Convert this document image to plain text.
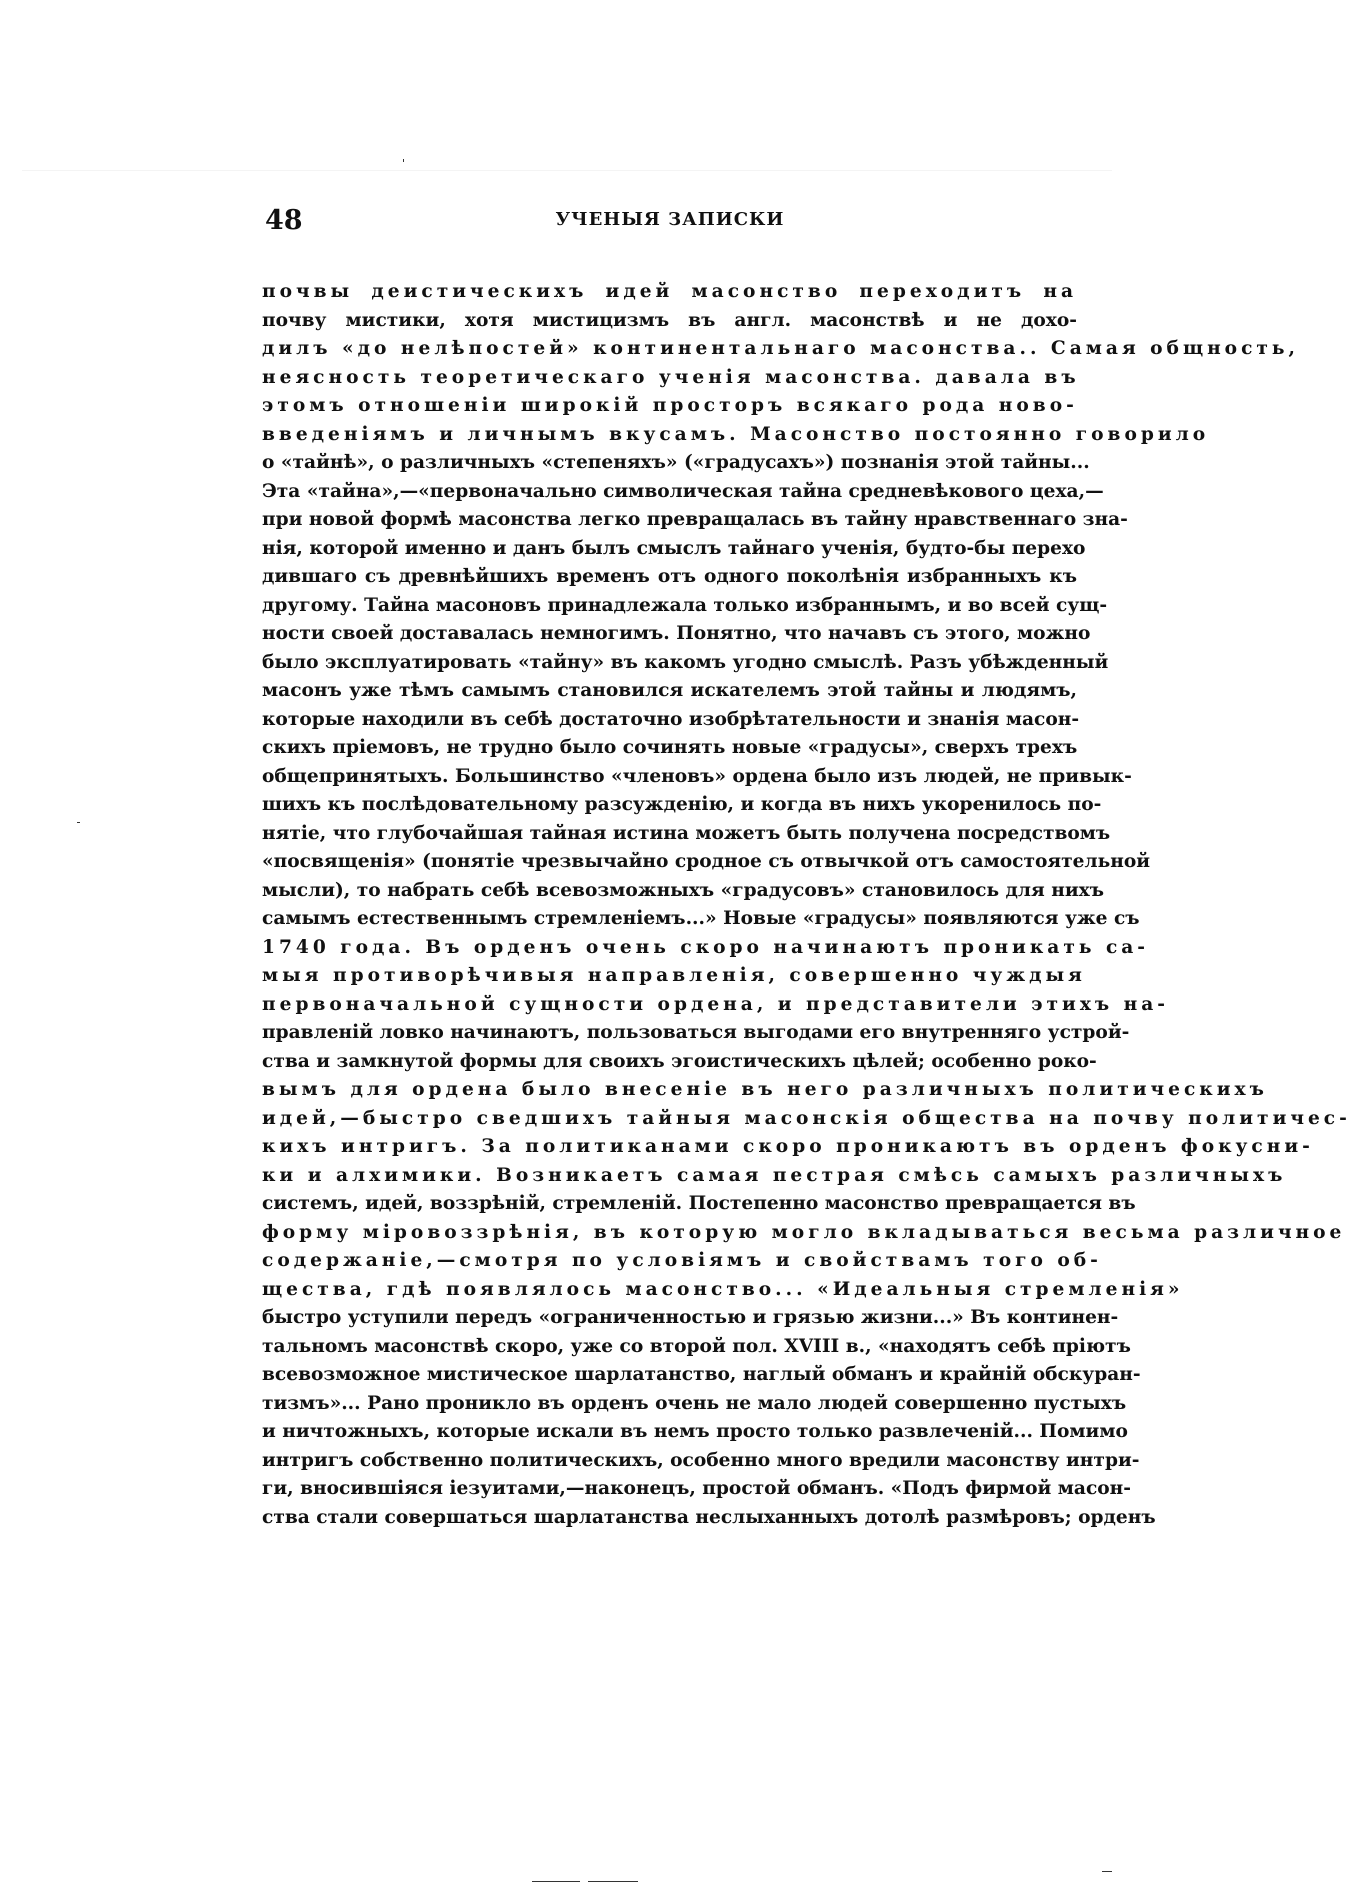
48	УЧЕНЫЯ ЗАПИСКИ
почвы деистическихъ идей масонство переходитъ на
почву мистики, хотя мистицизмъ въ англ. масонствѣ и не дохо-
дилъ «до нелѣпостей» континентальнаго масонства.. Самая общность,
неясность теоретическаго ученія масонства. давала въ
этомъ отношеніи широкій просторъ всякаго рода ново-
введеніямъ и личнымъ вкусамъ. Масонство постоянно говорило
о «тайнѣ», о различныхъ «степеняхъ» («градусахъ») познанія этой тайны...
Эта «тайна»,—«первоначально символическая тайна средневѣкового цеха,—
при новой формѣ масонства легко превращалась въ тайну нравственнаго зна-
нія, которой именно и данъ былъ смыслъ тайнаго ученія, будто-бы перехо
дившаго съ древнѣйшихъ временъ отъ одного поколѣнія избранныхъ къ
другому. Тайна масоновъ принадлежала только избраннымъ, и во всей сущ-
ности своей доставалась немногимъ. Понятно, что начавъ съ этого, можно
было эксплуатировать «тайну» въ какомъ угодно смыслѣ. Разъ убѣжденный
масонъ уже тѣмъ самымъ становился искателемъ этой тайны и людямъ,
которые находили въ себѣ достаточно изобрѣтательности и знанія масон-
скихъ пріемовъ, не трудно было сочинять новые «градусы», сверхъ трехъ
общепринятыхъ. Большинство «членовъ» ордена было изъ людей, не привык-
шихъ къ послѣдовательному разсужденію, и когда въ нихъ укоренилось по-
нятіе, что глубочайшая тайная истина можетъ быть получена посредствомъ
«посвященія» (понятіе чрезвычайно сродное съ отвычкой отъ самостоятельной
мысли), то набрать себѣ всевозможныхъ «градусовъ» становилось для нихъ
самымъ естественнымъ стремленіемъ...» Новые «градусы» появляются уже съ
1740 года. Въ орденъ очень скоро начинаютъ проникать са-
мыя противорѣчивыя направленія, совершенно чуждыя
первоначальной сущности ордена, и представители этихъ на-
правленій ловко начинаютъ, пользоваться выгодами его внутренняго устрой-
ства и замкнутой формы для своихъ эгоистическихъ цѣлей; особенно роко-
вымъ для ордена было внесеніе въ него различныхъ политическихъ
идей,—быстро сведшихъ тайныя масонскія общества на почву политичес-
кихъ интригъ. За политиканами скоро проникаютъ въ орденъ фокусни-
ки и алхимики. Возникаетъ самая пестрая смѣсь самыхъ различныхъ
системъ, идей, воззрѣній, стремленій. Постепенно масонство превращается въ
форму міровоззрѣнія, въ которую могло вкладываться весьма различное
содержаніе,—смотря по условіямъ и свойствамъ того об-
щества, гдѣ появлялось масонство... «Идеальныя стремленія»
быстро уступили передъ «ограниченностью и грязью жизни...» Въ континен-
тальномъ масонствѣ скоро, уже со второй пол. XVIII в., «находятъ себѣ пріютъ
всевозможное мистическое шарлатанство, наглый обманъ и крайній обскуран-
тизмъ»... Рано проникло въ орденъ очень не мало людей совершенно пустыхъ
и ничтожныхъ, которые искали въ немъ просто только развлеченій... Помимо
интригъ собственно политическихъ, особенно много вредили масонству интри-
ги, вносившіяся іезуитами,—наконецъ, простой обманъ. «Подъ фирмой масон-
ства стали совершаться шарлатанства неслыханныхъ дотолѣ размѣровъ; орденъ
